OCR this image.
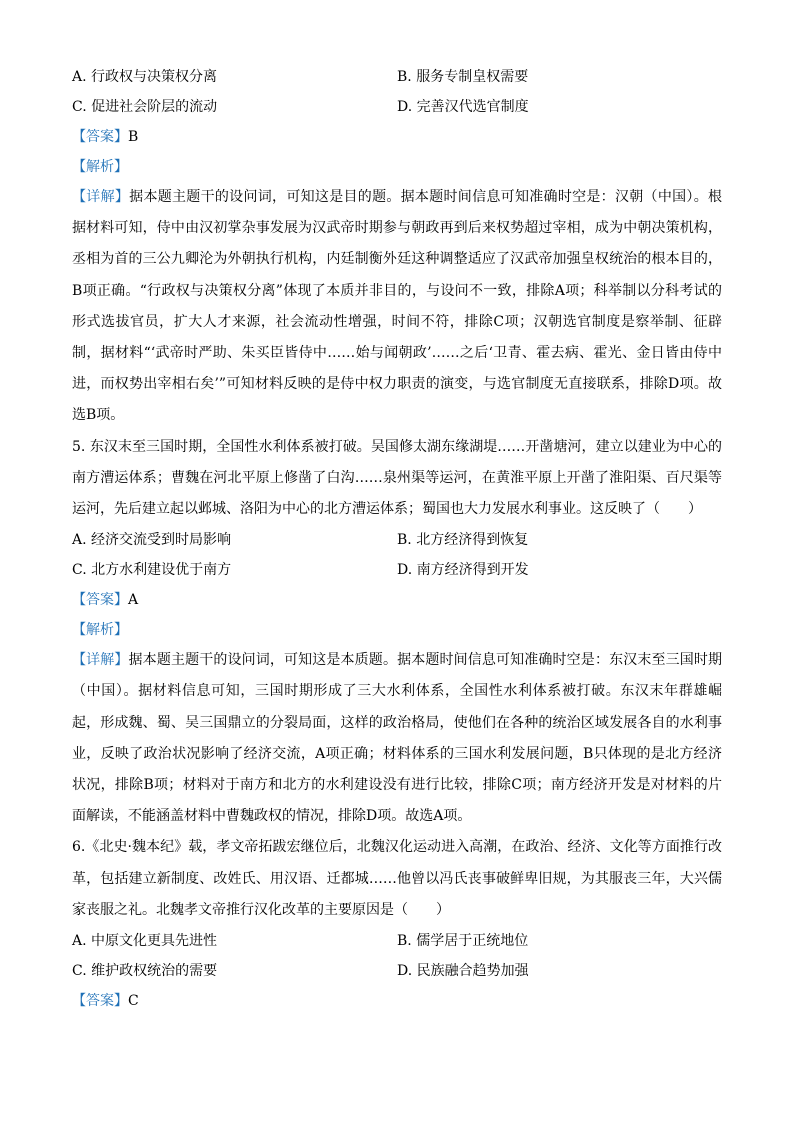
A. 行政权与决策权分离	B. 服务专制皇权需要
C. 促进社会阶层的流动	D. 完善汉代选官制度
【答案】B
【解析】

【详解】据本题主题干的设问词，可知这是目的题。据本题时间信息可知准确时空是：汉朝（中国）。根据材料可知，侍中由汉初掌杂事发展为汉武帝时期参与朝政再到后来权势超过宰相，成为中朝决策机构，丞相为首的三公九卿沦为外朝执行机构，内廷制衡外廷这种调整适应了汉武帝加强皇权统治的根本目的，B项正确。“行政权与决策权分离”体现了本质并非目的，与设问不一致，排除A项；科举制以分科考试的形式选拔官员，扩大人才来源，社会流动性增强，时间不符，排除C项；汉朝选官制度是察举制、征辟制，据材料“‘武帝时严助、朱买臣皆侍中……始与闻朝政’……之后‘卫青、霍去病、霍光、金日皆由侍中进，而权势出宰相右矣’”可知材料反映的是侍中权力职责的演变，与选官制度无直接联系，排除D项。故选B项。

5. 东汉末至三国时期，全国性水利体系被打破。吴国修太湖东缘湖堤……开凿塘河，建立以建业为中心的南方漕运体系；曹魏在河北平原上修凿了白沟……泉州渠等运河，在黄淮平原上开凿了淮阳渠、百尺渠等运河，先后建立起以邺城、洛阳为中心的北方漕运体系；蜀国也大力发展水利事业。这反映了（　　）

A. 经济交流受到时局影响	B. 北方经济得到恢复
C. 北方水利建设优于南方	D. 南方经济得到开发
【答案】A
【解析】

【详解】据本题主题干的设问词，可知这是本质题。据本题时间信息可知准确时空是：东汉末至三国时期（中国）。据材料信息可知，三国时期形成了三大水利体系，全国性水利体系被打破。东汉末年群雄崛起，形成魏、蜀、吴三国鼎立的分裂局面，这样的政治格局，使他们在各种的统治区域发展各自的水利事业，反映了政治状况影响了经济交流，A项正确；材料体系的三国水利发展问题，B只体现的是北方经济状况，排除B项；材料对于南方和北方的水利建设没有进行比较，排除C项；南方经济开发是对材料的片面解读，不能涵盖材料中曹魏政权的情况，排除D项。故选A项。

6.《北史·魏本纪》载，孝文帝拓跋宏继位后，北魏汉化运动进入高潮，在政治、经济、文化等方面推行改革，包括建立新制度、改姓氏、用汉语、迁都城……他曾以冯氏丧事破鲜卑旧规，为其服丧三年，大兴儒家丧服之礼。北魏孝文帝推行汉化改革的主要原因是（　　）

A. 中原文化更具先进性	B. 儒学居于正统地位
C. 维护政权统治的需要	D. 民族融合趋势加强
【答案】C
